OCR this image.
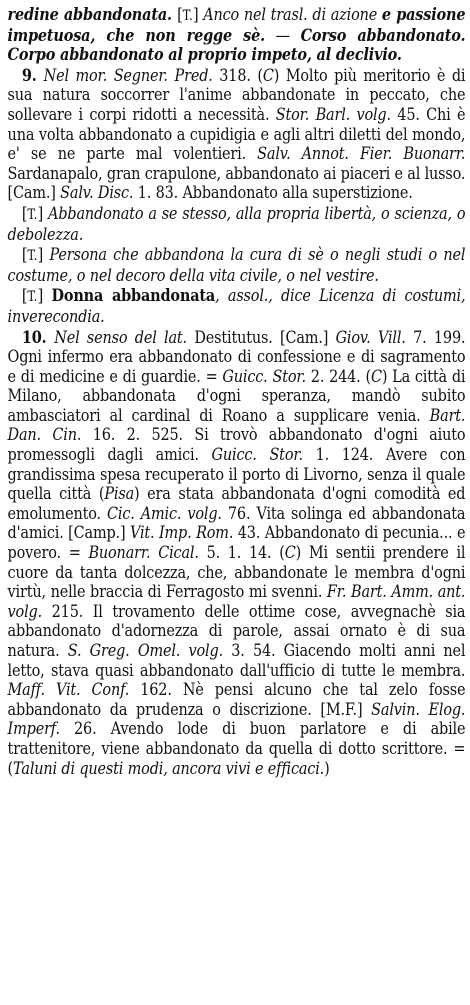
redine abbandonata. [T.] Anco nel trasl. di azione e passione impetuosa, che non regge sè. — Corso abbandonato. Corpo abbandonato al proprio impeto, al declivio.

9. Nel mor. Segner. Pred. 318. (C) Molto più meritorio è di sua natura soccorrer l'anime abbandonate in peccato, che sollevare i corpi ridotti a necessità. Stor. Barl. volg. 45. Chi è una volta abbandonato a cupidigia e agli altri diletti del mondo, e' se ne parte mal volentieri. Salv. Annot. Fier. Buonarr. Sardanapalo, gran crapulone, abbandonato ai piaceri e al lusso. [Cam.] Salv. Disc. 1. 83. Abbandonato alla superstizione.

[T.] Abbandonato a se stesso, alla propria libertà, o scienza, o debolezza.

[T.] Persona che abbandona la cura di sè o negli studi o nel costume, o nel decoro della vita civile, o nel vestire.

[T.] Donna abbandonata, assol., dice Licenza di costumi, inverecondia.

10. Nel senso del lat. Destitutus. [Cam.] Giov. Vill. 7. 199. Ogni infermo era abbandonato di confessione e di sagramento e di medicine e di guardie. = Guicc. Stor. 2. 244. (C) La città di Milano, abbandonata d'ogni speranza, mandò subito ambasciatori al cardinal di Roano a supplicare venia. Bart. Dan. Cin. 16. 2. 525. Si trovò abbandonato d'ogni aiuto promessogli dagli amici. Guicc. Stor. 1. 124. Avere con grandissima spesa recuperato il porto di Livorno, senza il quale quella città (Pisa) era stata abbandonata d'ogni comodità ed emolumento. Cic. Amic. volg. 76. Vita solinga ed abbandonata d'amici. [Camp.] Vit. Imp. Rom. 43. Abbandonato di pecunia... e povero. = Buonarr. Cical. 5. 1. 14. (C) Mi sentii prendere il cuore da tanta dolcezza, che, abbandonate le membra d'ogni virtù, nelle braccia di Ferragosto mi svenni. Fr. Bart. Amm. ant. volg. 215. Il trovamento delle ottime cose, avvegnachè sia abbandonato d'adornezza di parole, assai ornato è di sua natura. S. Greg. Omel. volg. 3. 54. Giacendo molti anni nel letto, stava quasi abbandonato dall'ufficio di tutte le membra. Maff. Vit. Conf. 162. Nè pensi alcuno che tal zelo fosse abbandonato da prudenza o discrizione. [M.F.] Salvin. Elog. Imperf. 26. Avendo lode di buon parlatore e di abile trattenitore, viene abbandonato da quella di dotto scrittore. = (Taluni di questi modi, ancora vivi e efficaci.)
